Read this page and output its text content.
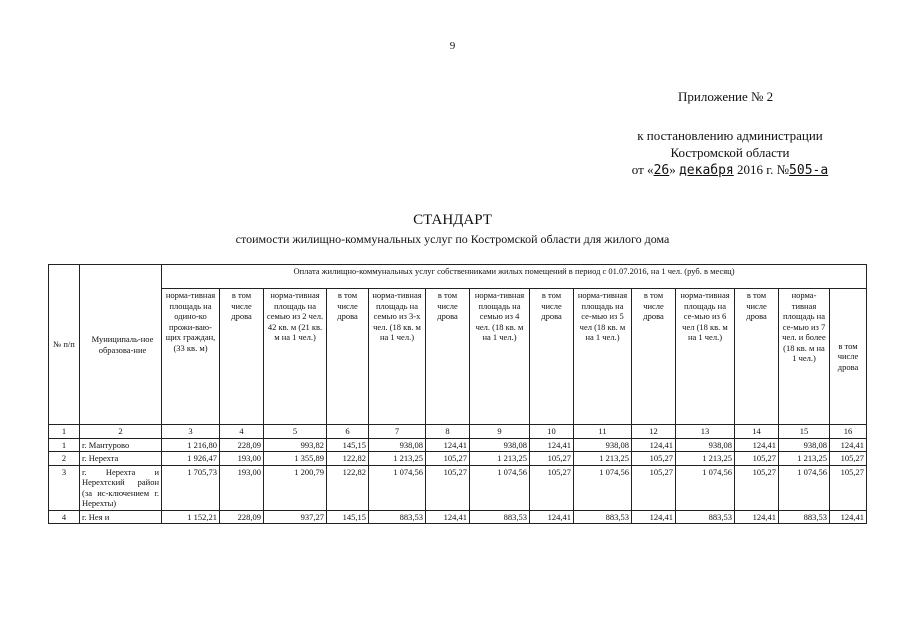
9
Приложение № 2
к постановлению администрации
Костромской области
от «26» декабря 2016 г. №505-а
СТАНДАРТ
стоимости жилищно-коммунальных услуг по Костромской области для жилого дома
№ п/п	Муниципаль-ное образова-ние	Оплата жилищно-коммунальных услуг собственниками жилых помещений в период с 01.07.2016, на 1 чел. (руб. в месяц)													
		норма-тивная площадь на одино-ко прожи-ваю-щих граждан, (33 кв. м)	в том числе дрова	норма-тивная площадь на семью из 2 чел. 42 кв. м (21 кв. м на 1 чел.)	в том числе дрова	норма-тивная площадь на семью из 3-х чел. (18 кв. м на 1 чел.)	в том числе дрова	норма-тивная площадь на семью из 4 чел. (18 кв. м на 1 чел.)	в том числе дрова	норма-тивная площадь на се-мью из 5 чел (18 кв. м на 1 чел.)	в том числе дрова	норма-тивная площадь на се-мью из 6 чел (18 кв. м на 1 чел.)	в том числе дрова	норма-тивная площадь на се-мью из 7 чел. и более (18 кв. м на 1 чел.)	в том числе дрова
1	2	3	4	5	6	7	8	9	10	11	12	13	14	15	16
1	г. Мантурово	1 216,80	228,09	993,82	145,15	938,08	124,41	938,08	124,41	938,08	124,41	938,08	124,41	938,08	124,41
2	г. Нерехта	1 926,47	193,00	1 355,89	122,82	1 213,25	105,27	1 213,25	105,27	1 213,25	105,27	1 213,25	105,27	1 213,25	105,27
3	г. Нерехта и Нерехтский район (за ис-ключением г. Нерехты)	1 705,73	193,00	1 200,79	122,82	1 074,56	105,27	1 074,56	105,27	1 074,56	105,27	1 074,56	105,27	1 074,56	105,27
4	г. Нея и	1 152,21	228,09	937,27	145,15	883,53	124,41	883,53	124,41	883,53	124,41	883,53	124,41	883,53	124,41
